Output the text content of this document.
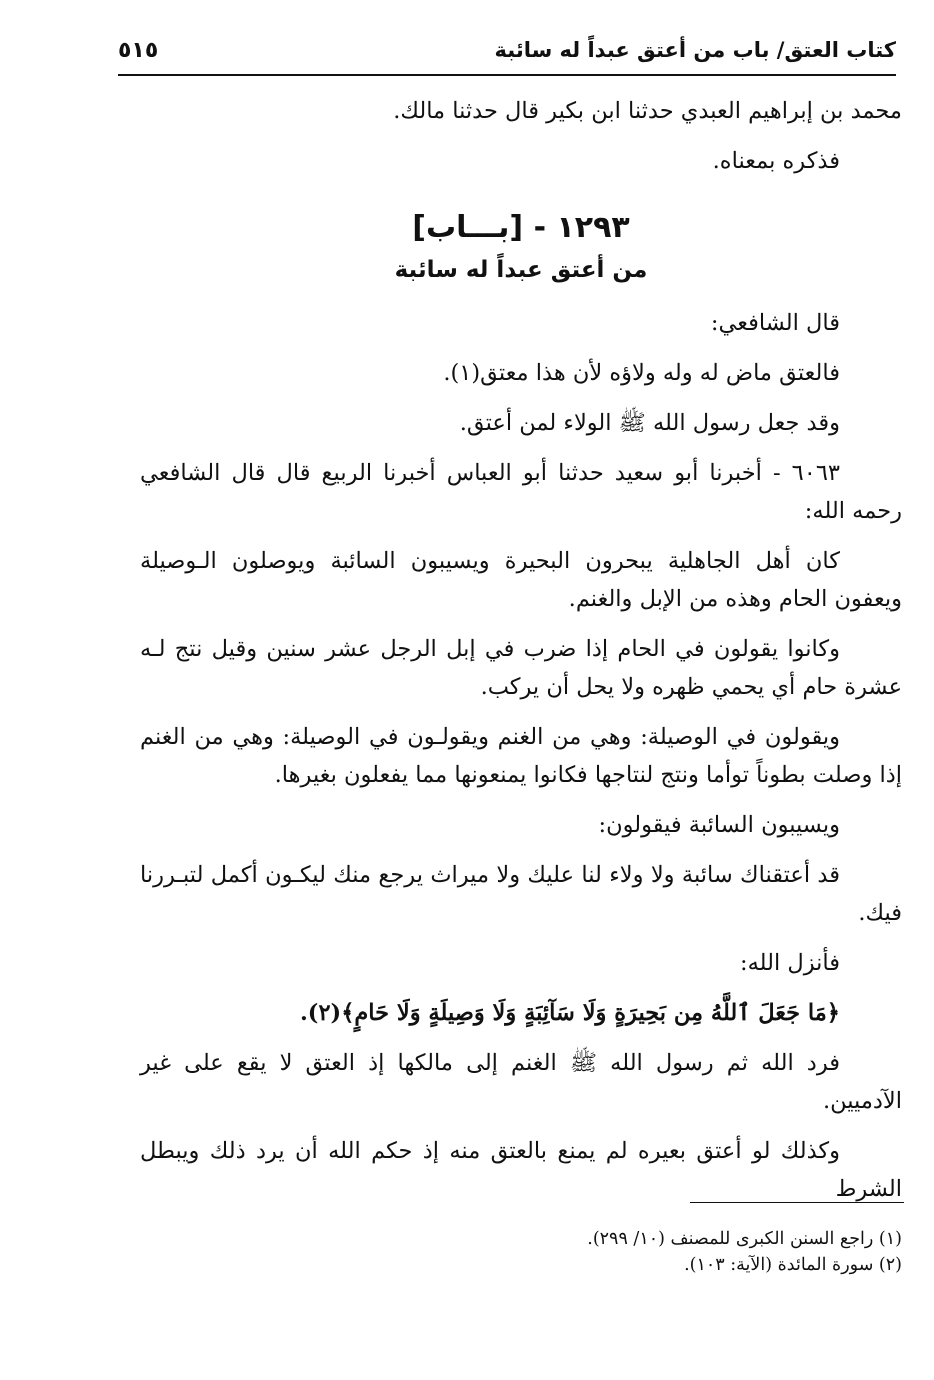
٥١٥	كتاب العتق/ باب من أعتق عبداً له سائبة

محمد بن إبراهيم العبدي حدثنا ابن بكير قال حدثنا مالك.

فذكره بمعناه.

١٢٩٣ - [بـــاب]
من أعتق عبداً له سائبة

قال الشافعي:

فالعتق ماض له وله ولاؤه لأن هذا معتق(١).

وقد جعل رسول الله ﷺ الولاء لمن أعتق.

٦٠٦٣ - أخبرنا أبو سعيد حدثنا أبو العباس أخبرنا الربيع قال قال الشافعي رحمه الله:

كان أهل الجاهلية يبحرون البحيرة ويسيبون السائبة ويوصلون الـوصيلة ويعفون الحام وهذه من الإبل والغنم.

وكانوا يقولون في الحام إذا ضرب في إبل الرجل عشر سنين وقيل نتج لـه عشرة حام أي يحمي ظهره ولا يحل أن يركب.

ويقولون في الوصيلة: وهي من الغنم ويقولـون في الوصيلة: وهي من الغنم إذا وصلت بطوناً توأما ونتج لنتاجها فكانوا يمنعونها مما يفعلون بغيرها.

ويسيبون السائبة فيقولون:

قد أعتقناك سائبة ولا ولاء لنا عليك ولا ميراث يرجع منك ليكـون أكمل لتبـررنا فيك.

فأنزل الله:

﴿مَا جَعَلَ ٱللَّهُ مِن بَحِيرَةٍ وَلَا سَآئِبَةٍ وَلَا وَصِيلَةٍ وَلَا حَامٍ﴾(٢).

فرد الله ثم رسول الله ﷺ الغنم إلى مالكها إذ العتق لا يقع على غير الآدميين.

وكذلك لو أعتق بعيره لم يمنع بالعتق منه إذ حكم الله أن يرد ذلك ويبطل الشرط

(١) راجع السنن الكبرى للمصنف (١٠/ ٢٩٩).
(٢) سورة المائدة (الآية: ١٠٣).
